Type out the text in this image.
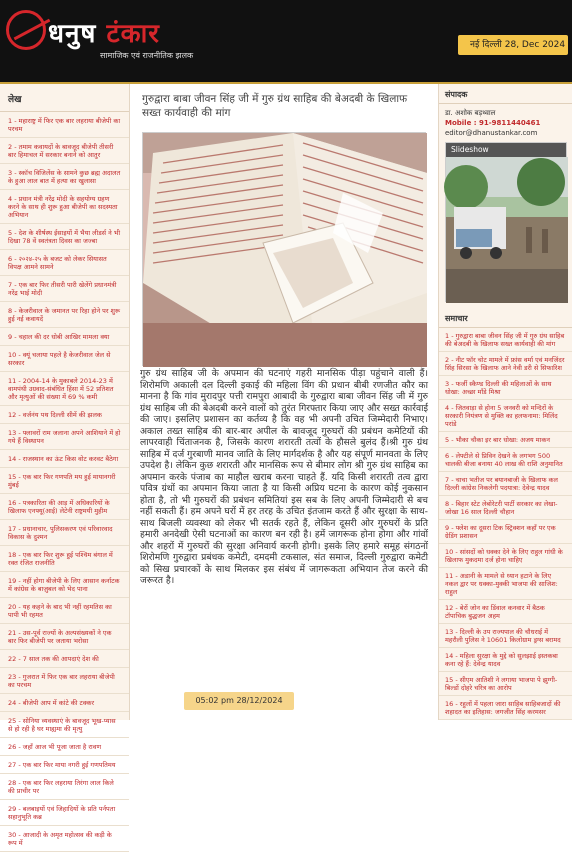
धनुष टंकार
सामाजिक एवं राजनीतिक झलक
नई दिल्ली 28, Dec 2024
लेख
1 - महाराष्ट्र में फिर एक बार लहराया बीजेपी का परचम
2 - तमाम कवायदों के बावजूद बीजेपी तीसरी बार हिमाचल में सरकार बनाने को आतुर
3 - स्कॉच विजिलेंस के सामने कुछ ब्रह्म अदालत के हुआ लाल बात में हत्या का खुलासा
4 - प्रधान मंत्री नरेंद्र मोदी के सहयोग्य ग्रहण करने के साथ ही शुरू हुआ बीजेपी का सदस्यता अभियान
5 - देश के शीर्षस्थ ईसाइयों में भैया लीडर्स ने भी दिखा 78 वें स्वतंत्रता दिवस का जज्बा
6 - २०२४-२५ के बजट को लेकर सियासत विपक्ष आमने सामने
7 - एक बार फिर तीसरी पारी खेलेंगे प्रधानमंत्री नरेंद्र भाई मोदी
8 - केजरीवाल के जमानत पर रिहा होने पर शुरू हुई नई कवायदें
9 - चहाल की दर धोबी आखिर मामला क्या
10 - क्यूं चलाया पहले है केजरीवाल जेल से सरकार
11 - 2004-14 के मुकाबले 2014-23 में वामपंथी उग्रवाद-संबंधित हिंसा में 52 प्रतिशत और मृत्युओं की संख्या में 69 % कमी
12 - वर्जनंय पथ दिल्ली सीमें की झलक
13 - फ्लावरों राम जलाना अपने आशियाने में हो गये हैं विस्थापन
14 - राजस्थान का ऊंट किस वोट करवट बैठेगा
15 - एक बार फिर गणपति मय हुई मायानगरी मुंबई
16 - पत्रकारिता की आड़ में अधिकारियों के खिलाफ एनफ्यू(आई) लेटेनी राष्ट्रमयी मुहीम
17 - प्रधानाचार, पुलिसकरण एवं परिवारवाद विकास के दुश्मन
18 - एक बार फिर शुरू हुई पश्चिम बंगाल में रक्त रंजित राजनीति
19 - नहीं होगा बीजेपी के लिए आसान कर्नाटक में कांग्रेस के बाज़ुबल को भेद पाना
20 - यह कहने के बाद भी नहीं रहमतिस का पापी भी रहमत
21 - उस-पूर्व राज्यों के अल्पसंख्यकों ने एक बार फिर बीजेपी पर जताया भरोसा
22 - 7 साल तक की आपदाएं देश की
23 - गुजरात में फिर एक बार लहराया बीजेपी का परचम
24 - बीजेपी आप में कांटे की टक्कर
25 - सोनिया व्यवस्थाएं के बावजूद भूख-प्यास से हो रही है घर माह्यमा की मृत्यु
26 - जहाँ आज भी पूजा जाता है रावण
27 - एक बार फिर माया नगरी हुई गणपतिमय
28 - एक बार फिर लहराया तिरंगा लाल किले की प्राचीर पर
29 - बलबाइयों एवं जिहादियों के प्रति पर्नपता सहानुभूति कब्र
30 - आजादी के अमृत महोत्सव की कड़ी के रूप में
गुरुद्वारा बाबा जीवन सिंह जी में गुरु ग्रंथ साहिब की बेअदबी के खिलाफ सख्त कार्यवाही की मांग
गुरु ग्रंथ साहिब जी के अपमान की घटनाएं गहरी मानसिक पीड़ा पहुंचाने वाली हैं। शिरोमणि अकाली दल दिल्ली इकाई की महिला विंग की प्रधान बीबी रणजीत कौर का मानना है कि गांव मुरादपुर पत्ती रामपुरा आबादी के गुरुद्वारा बाबा जीवन सिंह जी में गुरु ग्रंथ साहिब जी की बेअदबी करने वालों को तुरंत गिरफ्तार किया जाए और सख्त कार्रवाई की जाए। इसलिए प्रशासन का कर्तव्य है कि वह भी अपनी उचित जिम्मेदारी निभाए।अकाल तख्त साहिब की बार-बार अपील के बावजूद गुरुघरों की प्रबंधन कमेटियों की लापरवाही चिंताजनक है, जिसके कारण शरारती तत्वों के हौसले बुलंद हैं।श्री गुरु ग्रंथ साहिब में दर्ज गुरबाणी मानव जाति के लिए मार्गदर्शक है और यह संपूर्ण मानवता के लिए उपदेश है। लेकिन कुछ शरारती और मानसिक रूप से बीमार लोग श्री गुरु ग्रंथ साहिब का अपमान करके पंजाब का माहौल खराब करना चाहते हैं. यदि किसी शरारती तत्व द्वारा पवित्र ग्रंथों का अपमान किया जाता है या किसी अप्रिय घटना के कारण कोई नुकसान होता है, तो भी गुरुघरों की प्रबंधन समितियां इस सब के लिए अपनी जिम्मेदारी से बच नहीं सकती हैं। हम अपने घरों में हर तरह के उचित इंतजाम करते हैं और सुरक्षा के साथ-साथ बिजली व्यवस्था को लेकर भी सतर्क रहते हैं, लेकिन दूसरी ओर गुरुघरों के प्रति हमारी अनदेखी ऐसी घटनाओं का कारण बन रही है। हमें जागरूक होना होगा और गांवों और शहरों में गुरुघरों की सुरक्षा अनिवार्य करनी होगी। इसके लिए हमारे समूह संगठनों शिरोमणि गुरुद्वारा प्रबंधक कमेटी, दमदमी टकसाल, संत समाज, दिल्ली गुरुद्वारा कमेटी को सिख प्रचारकों के साथ मिलकर इस संबंध में जागरूकता अभियान तेज करने की जरूरत है।
05:02 pm 28/12/2024
संपादक
डा. अशोक बड़थ्वाल
Mobile : 91-9811440461
editor@dhanustankar.com
Slideshow
समाचार
1 - गुरुद्वारा बाबा जीवन सिंह जी में गुरु ग्रंथ साहिब की बेअदबी के खिलाफ सख्त कार्यवाही की मांग
2 - नीट फॉर चोट मामले में फ्रांस वर्मा एवं मनजिंदर सिंह सिरसा के खिलाफ आने नेवी डरी से सिफारिश
3 - फर्जी स्कैण्ड दिल्ली की महिलाओं के साथ धोखा: अच्छा माँडे मिश्रा
4 - जितवाड़ा से होना 5 जनवरी को मन्दिरों के सरकारी नियंत्रण से मुक्ति का हलफनामा: मिलिंद परांडे
5 - भौका चौका इर बार धोखा: अजय माकन
6 - लेफ्टीले से प्रिविन देखने के लगभग 500 चालकी बीजा बनाया 40 लाख की राशि अनुमानित
7 - चाचा भतीज पर बयानबाजी के खिलाफ कल दिल्ली कांग्रेस निकलेगी पदयात्रा: देवेन्द्र यादव
8 - बिहार स्टेट लेबोरेटरी पार्टी सरकार का लेखा-जोखा 16 साल दिल्ली चौहान
9 - फ्लेश का दूसरा टिक स्ट्रिक्शन कहाँ पर एक ग्रेडिंग प्रशासन
10 - सांसदों को धक्का देने के लिए राहुल गांधी के खिलाफ मुकदमा दर्ज होना चाहिए
11 - अडानी के मामले से ध्यान हटाने के लिए नकल द्वार पर धक्का-मुक्की भाजपा की साजिश: राहुल
12 - बेरों जोन का डिंवाल कनवार में बैठक टॉपाचिक बुद्धजन अहम
13 - दिल्ली के उप राज्यपाल की चौधराई में महरौली पुलिस ने 10601 किलोग्राम ड्रग्स बरामद
14 - महिला सुरक्षा के मुद्दे को सुलझाई इस्तकबा कना रहे हैं: देवेन्द्र यादव
15 - सीएम आतिशी ने लगाया भाजपा पे झुग्गी-बिल्डों दोहरे चरित्र का आरोप
16 - रहुलों में पहला जारा साहिब साहिबजादों की शहादत का इतिहास: जगजीत सिंह करमसर
